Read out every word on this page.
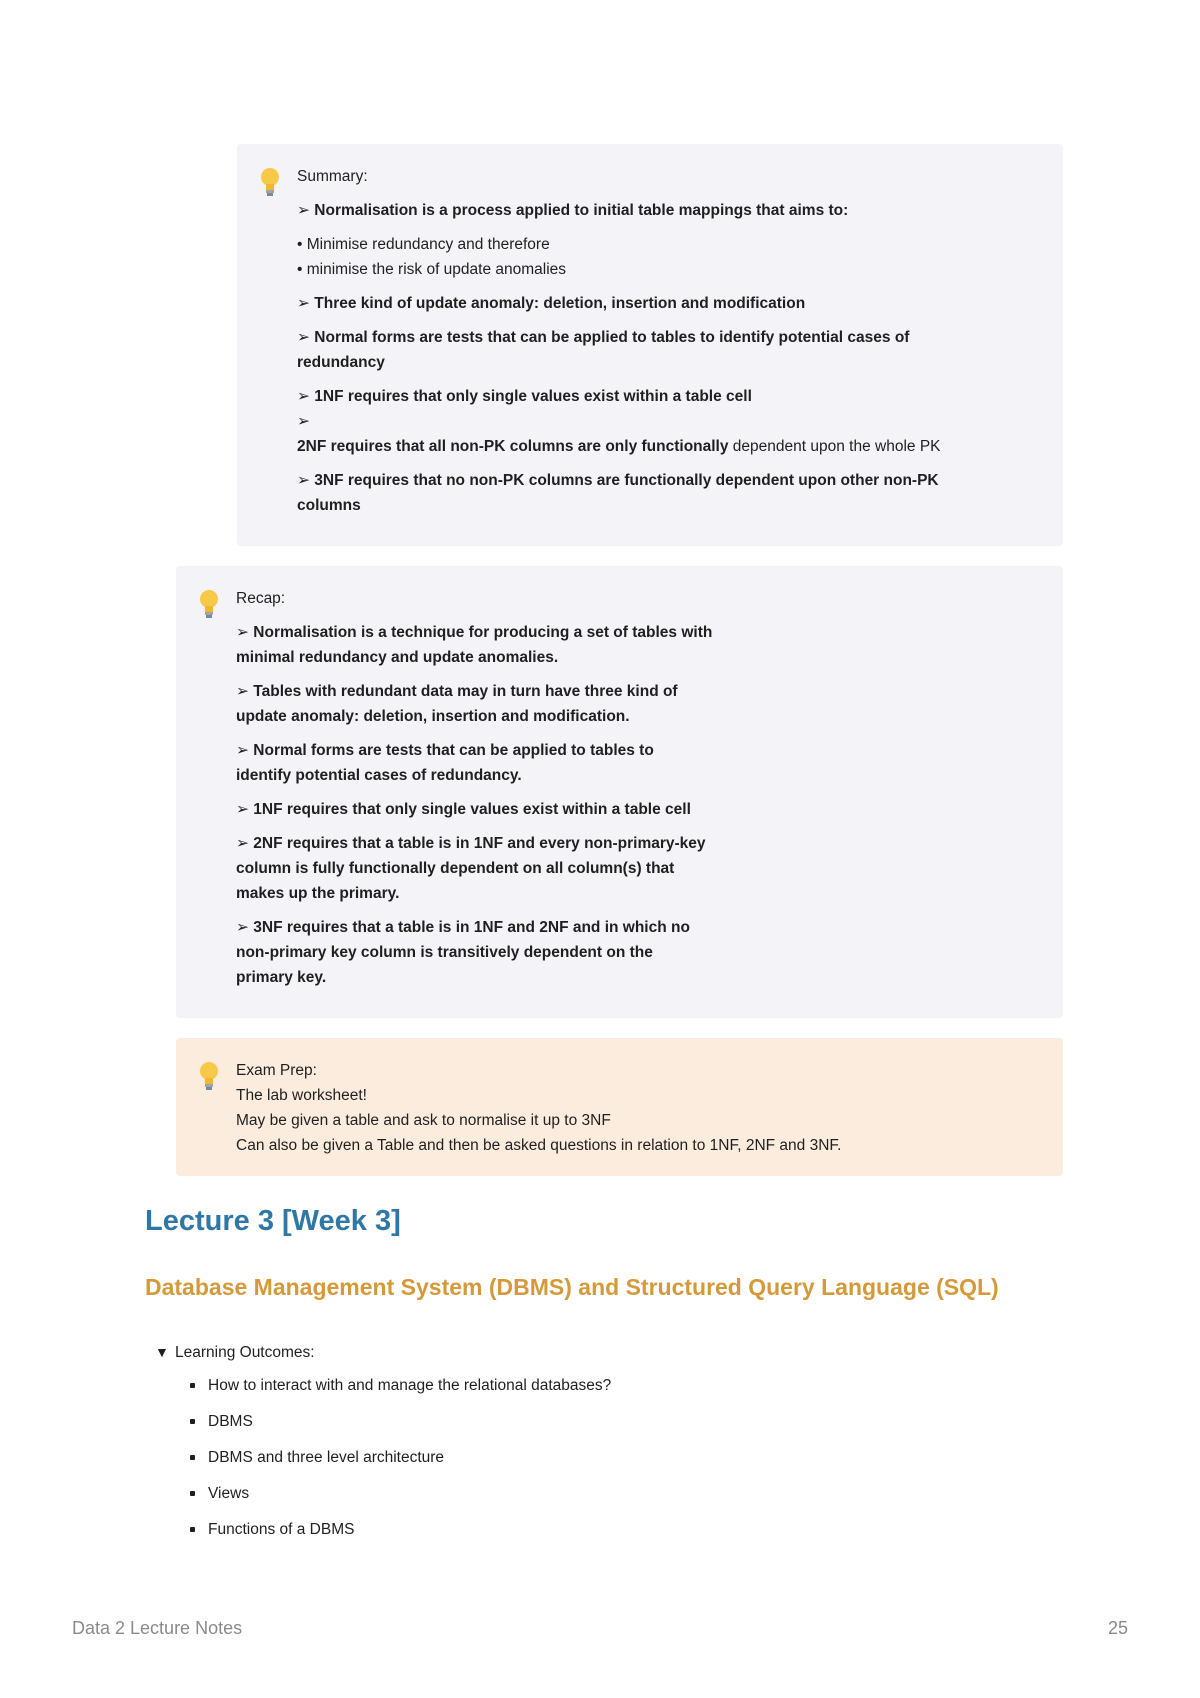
Summary:

➢ Normalisation is a process applied to initial table mappings that aims to:

• Minimise redundancy and therefore

• minimise the risk of update anomalies

➢ Three kind of update anomaly: deletion, insertion and modification

➢ Normal forms are tests that can be applied to tables to identify potential cases of

redundancy

➢ 1NF requires that only single values exist within a table cell

➢

2NF requires that all non-PK columns are only functionally dependent upon the whole PK

➢ 3NF requires that no non-PK columns are functionally dependent upon other non-PK

columns

Recap:

➢ Normalisation is a technique for producing a set of tables with

minimal redundancy and update anomalies.

➢ Tables with redundant data may in turn have three kind of

update anomaly: deletion, insertion and modification.

➢ Normal forms are tests that can be applied to tables to

identify potential cases of redundancy.

➢ 1NF requires that only single values exist within a table cell

➢ 2NF requires that a table is in 1NF and every non-primary-key

column is fully functionally dependent on all column(s) that

makes up the primary.

➢ 3NF requires that a table is in 1NF and 2NF and in which no

non-primary key column is transitively dependent on the

primary key.

Exam Prep:

The lab worksheet!

May be given a table and ask to normalise it up to 3NF

Can also be given a Table and then be asked questions in relation to 1NF, 2NF and 3NF.

Lecture 3 [Week 3]
Database Management System (DBMS) and Structured Query Language (SQL)
▼ Learning Outcomes:
How to interact with and manage the relational databases?
DBMS
DBMS and three level architecture
Views
Functions of a DBMS
Data 2 Lecture Notes	25
